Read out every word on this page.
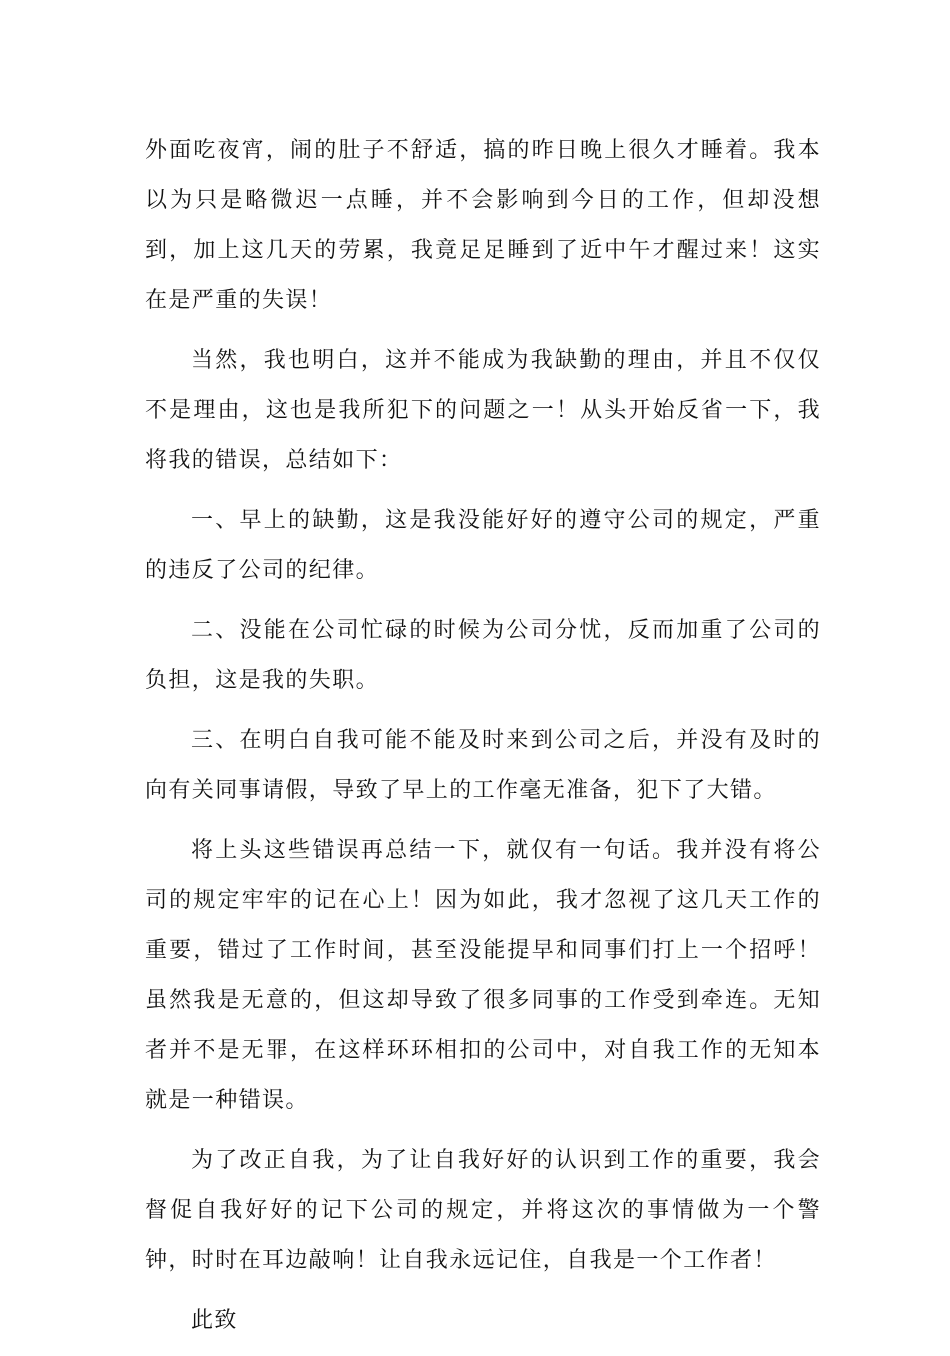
外面吃夜宵，闹的肚子不舒适，搞的昨日晚上很久才睡着。我本以为只是略微迟一点睡，并不会影响到今日的工作，但却没想到，加上这几天的劳累，我竟足足睡到了近中午才醒过来！这实在是严重的失误！

当然，我也明白，这并不能成为我缺勤的理由，并且不仅仅不是理由，这也是我所犯下的问题之一！从头开始反省一下，我将我的错误，总结如下：

一、早上的缺勤，这是我没能好好的遵守公司的规定，严重的违反了公司的纪律。

二、没能在公司忙碌的时候为公司分忧，反而加重了公司的负担，这是我的失职。

三、在明白自我可能不能及时来到公司之后，并没有及时的向有关同事请假，导致了早上的工作毫无准备，犯下了大错。

将上头这些错误再总结一下，就仅有一句话。我并没有将公司的规定牢牢的记在心上！因为如此，我才忽视了这几天工作的重要，错过了工作时间，甚至没能提早和同事们打上一个招呼！虽然我是无意的，但这却导致了很多同事的工作受到牵连。无知者并不是无罪，在这样环环相扣的公司中，对自我工作的无知本就是一种错误。

为了改正自我，为了让自我好好的认识到工作的重要，我会督促自我好好的记下公司的规定，并将这次的事情做为一个警钟，时时在耳边敲响！让自我永远记住，自我是一个工作者！

此致
